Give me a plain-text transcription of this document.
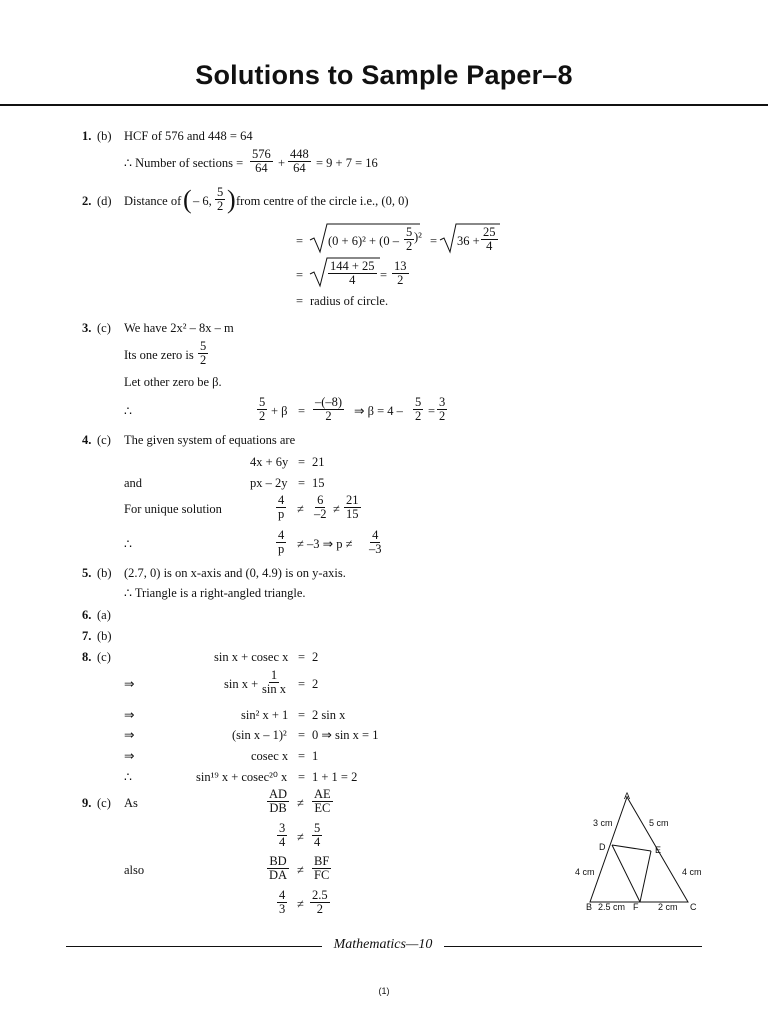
Solutions to Sample Paper–8
1. (b) HCF of 576 and 448 = 64
∴ Number of sections = $\frac{576}{64} + \frac{448}{64} = 9 + 7 = 16$
2. (d) Distance of ( – 6, $\frac{5}{2}$ ) from centre of the circle i.e., (0, 0)
= $(0 + 6)^2 + (0 - \frac{5}{2} )^2 = 36 + \frac{25}{4}$
= $\frac{144 + 25}{4} = \frac{13}{2}$
= radius of circle.
3. (c) We have 2x² – 8x – m
Its one zero is $\frac{5}{2}$
Let other zero be β.
∴	$\frac{5}{2} + \beta = \frac{-(-8)}{2}$ ⇒ $\beta = 4 - \frac{5}{2} = \frac{3}{2}$
4. (c) The given system of equations are
4x + 6y = 21
and	px – 2y = 15
For unique solution	$\frac{4}{p} \ne \frac{6}{-2} \ne \frac{21}{15}$
∴	$\frac{4}{p} \ne -3$ ⇒ $p \ne \frac{4}{-3}$
5. (b) (2.7, 0) is on x-axis and (0, 4.9) is on y-axis.
∴ Triangle is a right-angled triangle.
6. (a)
7. (b)
8. (c)	sin x + cosec x = 2
⇒	$\sin x + \frac{1}{\text{sin x}} = 2$
⇒	sin² x + 1 = 2 sin x
⇒	(sin x – 1)² = 0 ⇒ sin x = 1
⇒	cosec x = 1
∴	sin¹⁹ x + cosec²⁰ x = 1 + 1 = 2
9. (c) As	$\frac{AD}{DB} \ne \frac{AE}{EC}$
$\frac{3}{4} \ne \frac{5}{4}$
also	$\frac{BD}{DA} \ne \frac{BF}{FC}$
$\frac{4}{3} \ne \frac{2.5}{2}$
A
B	C
D	E
F
3 cm	5 cm
4 cm	4 cm
2.5 cm	2 cm
Mathematics—10
(1)
